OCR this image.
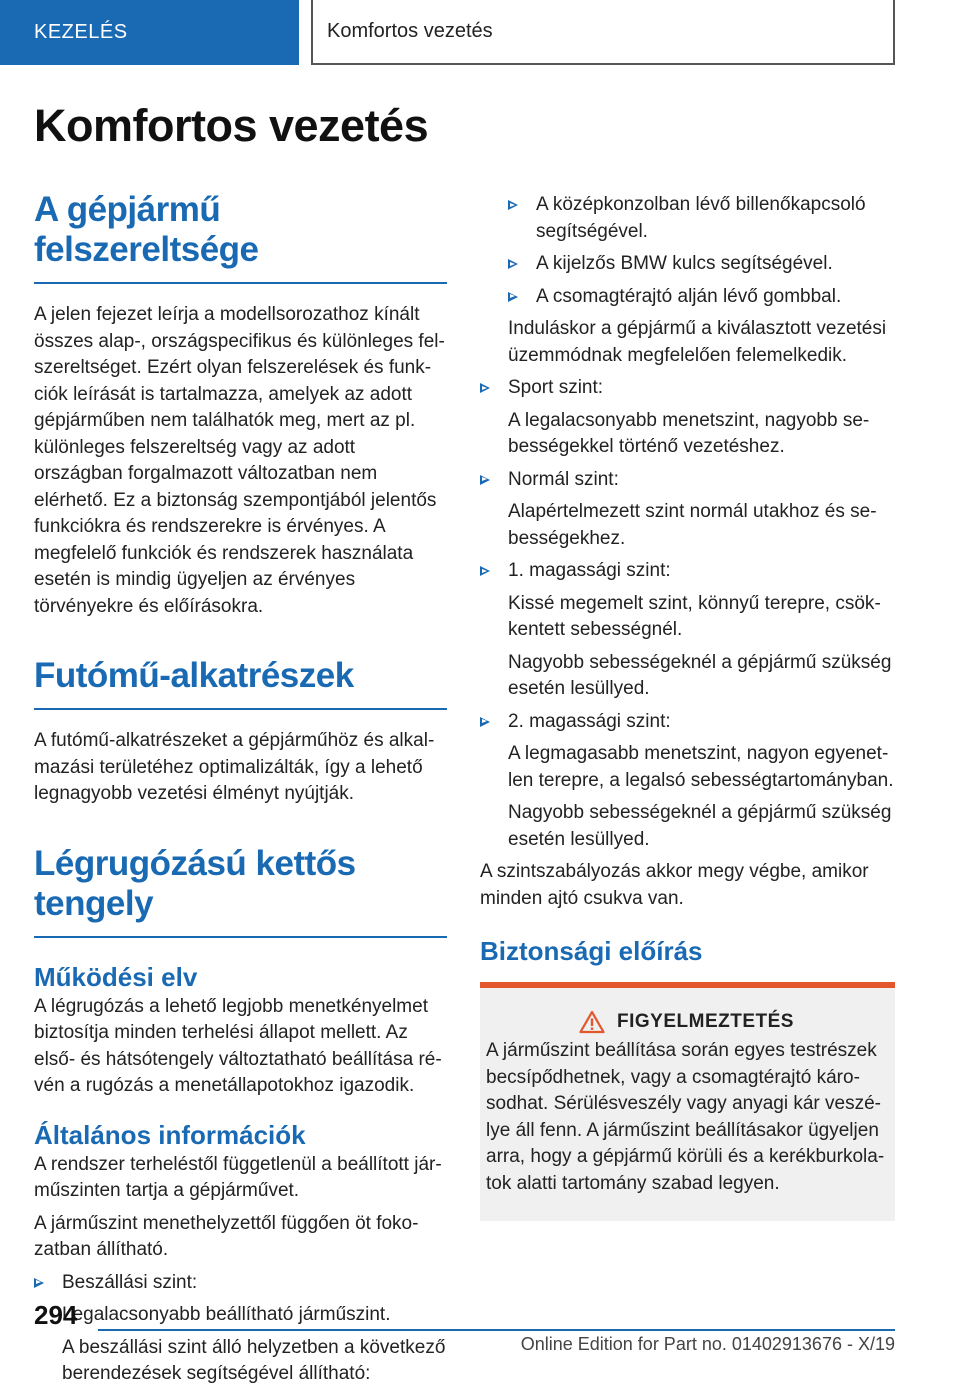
KEZELÉS	Komfortos vezetés
Komfortos vezetés
A gépjármű felszereltsége

A jelen fejezet leírja a modellsorozathoz kínált összes alap-, országspecifikus és különleges felszereltséget. Ezért olyan felszerelések és funkciók leírását is tartalmazza, amelyek az adott gépjárműben nem találhatók meg, mert az pl. különleges felszereltség vagy az adott országban forgalmazott változatban nem elérhető. Ez a biztonság szempontjából jelentős funkciókra és rendszerekre is érvényes. A megfelelő funkciók és rendszerek használata esetén is mindig ügyeljen az érvényes törvényekre és előírásokra.

Futómű-alkatrészek

A futómű-alkatrészeket a gépjárműhöz és alkalmazási területéhez optimalizálták, így a lehető legnagyobb vezetési élményt nyújtják.

Légrugózású kettős tengely
Működési elv

A légrugózás a lehető legjobb menetkényelmet biztosítja minden terhelési állapot mellett. Az első- és hátsótengely változtatható beállítása révén a rugózás a menetállapotokhoz igazodik.

Általános információk

A rendszer terheléstől függetlenül a beállított járműszinten tartja a gépjárművet.

A járműszint menethelyzettől függően öt fokozatban állítható.

Beszállási szint:

Legalacsonyabb beállítható járműszint.

A beszállási szint álló helyzetben a következő berendezések segítségével állítható:

A középkonzolban lévő billenőkapcsoló segítségével.
A kijelzős BMW kulcs segítségével.
A csomagtérajtó alján lévő gombbal.

Induláskor a gépjármű a kiválasztott vezetési üzemmódnak megfelelően felemelkedik.

Sport szint:

A legalacsonyabb menetszint, nagyobb sebességekkel történő vezetéshez.

Normál szint:

Alapértelmezett szint normál utakhoz és sebességekhez.

1. magassági szint:

Kissé megemelt szint, könnyű terepre, csökkentett sebességnél.

Nagyobb sebességeknél a gépjármű szükség esetén lesüllyed.

2. magassági szint:

A legmagasabb menetszint, nagyon egyenetlen terepre, a legalsó sebességtartományban.

Nagyobb sebességeknél a gépjármű szükség esetén lesüllyed.

A szintszabályozás akkor megy végbe, amikor minden ajtó csukva van.

Biztonsági előírás
FIGYELMEZTETÉS

A járműszint beállítása során egyes testrészek becsípődhetnek, vagy a csomagtérajtó károsodhat. Sérülésveszély vagy anyagi kár veszélye áll fenn. A járműszint beállításakor ügyeljen arra, hogy a gépjármű körüli és a kerékburkolatok alatti tartomány szabad legyen.

294
Online Edition for Part no. 01402913676 - X/19
